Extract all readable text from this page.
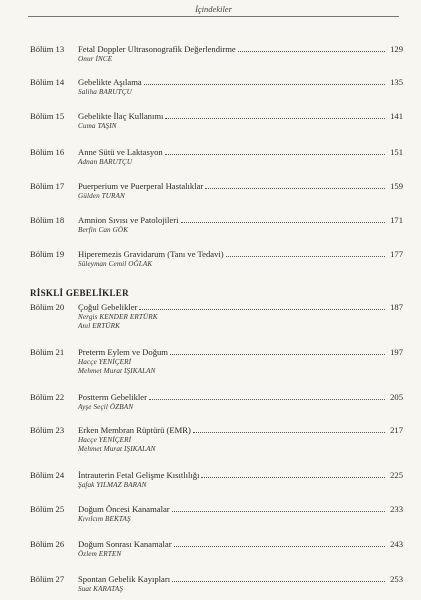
İçindekiler
Bölüm 13	Fetal Doppler Ultrasonografik Değerlendirme	129
Onur İNCE
Bölüm 14	Gebelikte Aşılama	135
Saliha BARUTÇU
Bölüm 15	Gebelikte İlaç Kullanımı	141
Cuma TAŞIN
Bölüm 16	Anne Sütü ve Laktasyon	151
Adnan BARUTÇU
Bölüm 17	Puerperium ve Puerperal Hastalıklar	159
Gülden TURAN
Bölüm 18	Amnion Sıvısı ve Patolojileri	171
Berfin Can GÖK
Bölüm 19	Hiperemezis Gravidarum (Tanı ve Tedavi)	177
Süleyman Cemil OĞLAK
RİSKLİ GEBELİKLER
Bölüm 20	Çoğul Gebelikler	187
Nergis KENDER ERTÜRK
Anıl ERTÜRK
Bölüm 21	Preterm Eylem ve Doğum	197
Hacçe YENİÇERİ
Mehmet Murat IŞIKALAN
Bölüm 22	Postterm Gebelikler	205
Ayşe Seçil ÖZBAN
Bölüm 23	Erken Membran Rüptürü (EMR)	217
Hacçe YENİÇERİ
Mehmet Murat IŞIKALAN
Bölüm 24	İntrauterin Fetal Gelişme Kısıtlılığı	225
Şafak YILMAZ BARAN
Bölüm 25	Doğum Öncesi Kanamalar	233
Kıvılcım BEKTAŞ
Bölüm 26	Doğum Sonrası Kanamalar	243
Özlem ERTEN
Bölüm 27	Spontan Gebelik Kayıpları	253
Suat KARATAŞ
